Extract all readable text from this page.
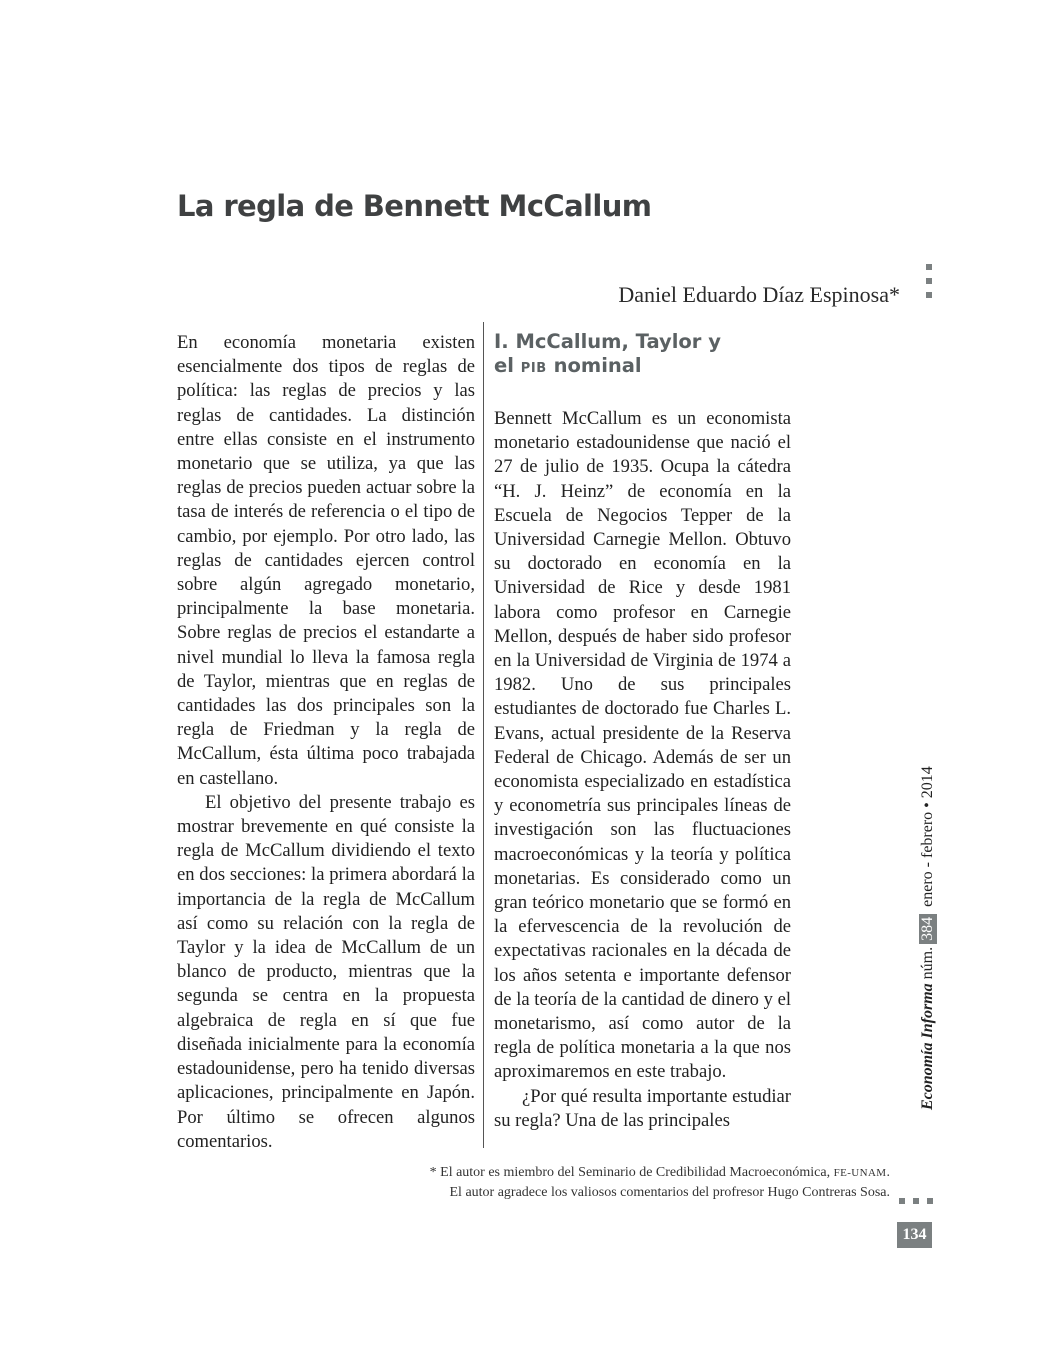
La regla de Bennett McCallum
Daniel Eduardo Díaz Espinosa*

En economía monetaria existen esencialmente dos tipos de reglas de política: las reglas de precios y las reglas de cantidades. La distinción entre ellas consiste en el instrumento monetario que se utiliza, ya que las reglas de precios pueden actuar sobre la tasa de interés de referencia o el tipo de cambio, por ejemplo. Por otro lado, las reglas de cantidades ejercen control sobre algún agregado monetario, principalmente la base monetaria. Sobre reglas de precios el estandarte a nivel mundial lo lleva la famosa regla de Taylor, mientras que en reglas de cantidades las dos principales son la regla de Friedman y la regla de McCallum, ésta última poco trabajada en castellano.

El objetivo del presente trabajo es mostrar brevemente en qué consiste la regla de McCallum dividiendo el texto en dos secciones: la primera abordará la importancia de la regla de McCallum así como su relación con la regla de Taylor y la idea de McCallum de un blanco de producto, mientras que la segunda se centra en la propuesta algebraica de regla en sí que fue diseñada inicialmente para la economía estadounidense, pero ha tenido diversas aplicaciones, principalmente en Japón. Por último se ofrecen algunos comentarios.

I. McCallum, Taylor y
el PIB nominal

Bennett McCallum es un economista monetario estadounidense que nació el 27 de julio de 1935. Ocupa la cátedra “H. J. Heinz” de economía en la Escuela de Negocios Tepper de la Universidad Carnegie Mellon. Obtuvo su doctorado en economía en la Universidad de Rice y desde 1981 labora como profesor en Carnegie Mellon, después de haber sido profesor en la Universidad de Virginia de 1974 a 1982. Uno de sus principales estudiantes de doctorado fue Charles L. Evans, actual presidente de la Reserva Federal de Chicago. Además de ser un economista especializado en estadística y econometría sus principales líneas de investigación son las fluctuaciones macroeconómicas y la teoría y política monetarias. Es considerado como un gran teórico monetario que se formó en la efervescencia de la revolución de expectativas racionales en la década de los años setenta e importante defensor de la teoría de la cantidad de dinero y el monetarismo, así como autor de la regla de política monetaria a la que nos aproximaremos en este trabajo.

¿Por qué resulta importante estudiar su regla? Una de las principales

Economía Informa núm.384 enero - febrero • 2014
* El autor es miembro del Seminario de Credibilidad Macroeconómica, FE-UNAM.
El autor agradece los valiosos comentarios del profresor Hugo Contreras Sosa.
134
